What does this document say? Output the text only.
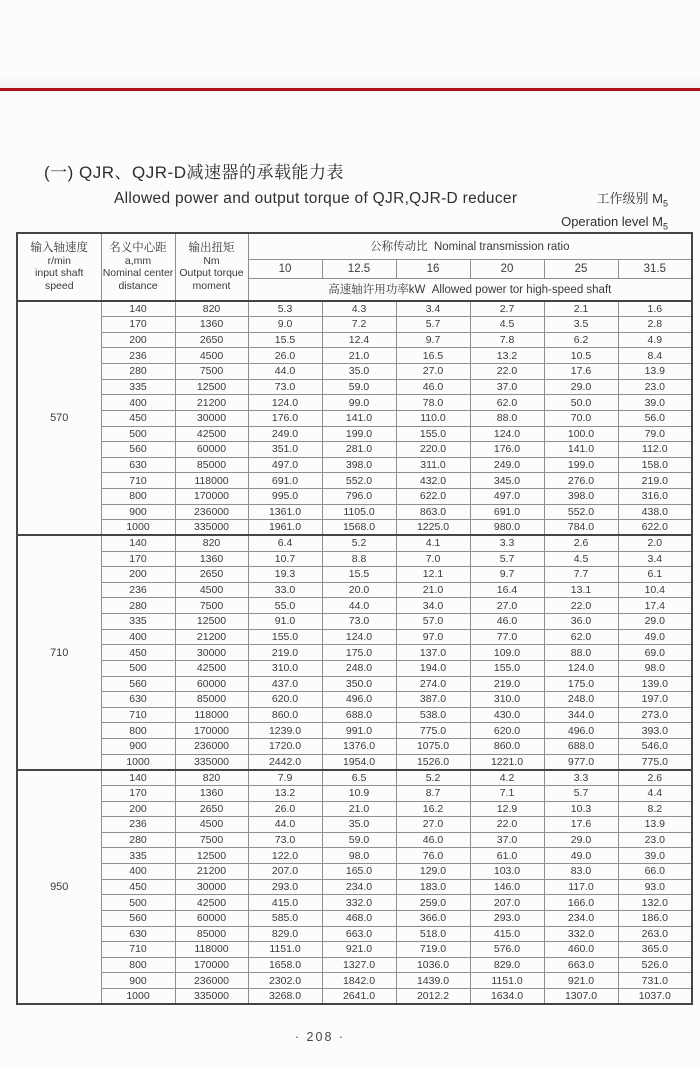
(一) QJR、QJR-D减速器的承载能力表
Allowed power and output torque of QJR,QJR-D reducer	工作级别 $M_5$
Operation level $M_5$
输入轴速度
r/min
input shaft
speed	名义中心距
a,mm
Nominal center
distance	输出扭矩
Nm
Output torque
moment	公称传动比  Nominal transmission ratio					
			10	12.5	16	20	25	31.5
			高速轴许用功率kW  Allowed power tor high-speed shaft					
570	140	820	5.3	4.3	3.4	2.7	2.1	1.6
	170	1360	9.0	7.2	5.7	4.5	3.5	2.8
	200	2650	15.5	12.4	9.7	7.8	6.2	4.9
	236	4500	26.0	21.0	16.5	13.2	10.5	8.4
	280	7500	44.0	35.0	27.0	22.0	17.6	13.9
	335	12500	73.0	59.0	46.0	37.0	29.0	23.0
	400	21200	124.0	99.0	78.0	62.0	50.0	39.0
	450	30000	176.0	141.0	110.0	88.0	70.0	56.0
	500	42500	249.0	199.0	155.0	124.0	100.0	79.0
	560	60000	351.0	281.0	220.0	176.0	141.0	112.0
	630	85000	497.0	398.0	311.0	249.0	199.0	158.0
	710	118000	691.0	552.0	432.0	345.0	276.0	219.0
	800	170000	995.0	796.0	622.0	497.0	398.0	316.0
	900	236000	1361.0	1105.0	863.0	691.0	552.0	438.0
	1000	335000	1961.0	1568.0	1225.0	980.0	784.0	622.0
710	140	820	6.4	5.2	4.1	3.3	2.6	2.0
	170	1360	10.7	8.8	7.0	5.7	4.5	3.4
	200	2650	19.3	15.5	12.1	9.7	7.7	6.1
	236	4500	33.0	20.0	21.0	16.4	13.1	10.4
	280	7500	55.0	44.0	34.0	27.0	22.0	17.4
	335	12500	91.0	73.0	57.0	46.0	36.0	29.0
	400	21200	155.0	124.0	97.0	77.0	62.0	49.0
	450	30000	219.0	175.0	137.0	109.0	88.0	69.0
	500	42500	310.0	248.0	194.0	155.0	124.0	98.0
	560	60000	437.0	350.0	274.0	219.0	175.0	139.0
	630	85000	620.0	496.0	387.0	310.0	248.0	197.0
	710	118000	860.0	688.0	538.0	430.0	344.0	273.0
	800	170000	1239.0	991.0	775.0	620.0	496.0	393.0
	900	236000	1720.0	1376.0	1075.0	860.0	688.0	546.0
	1000	335000	2442.0	1954.0	1526.0	1221.0	977.0	775.0
950	140	820	7.9	6.5	5.2	4.2	3.3	2.6
	170	1360	13.2	10.9	8.7	7.1	5.7	4.4
	200	2650	26.0	21.0	16.2	12.9	10.3	8.2
	236	4500	44.0	35.0	27.0	22.0	17.6	13.9
	280	7500	73.0	59.0	46.0	37.0	29.0	23.0
	335	12500	122.0	98.0	76.0	61.0	49.0	39.0
	400	21200	207.0	165.0	129.0	103.0	83.0	66.0
	450	30000	293.0	234.0	183.0	146.0	117.0	93.0
	500	42500	415.0	332.0	259.0	207.0	166.0	132.0
	560	60000	585.0	468.0	366.0	293.0	234.0	186.0
	630	85000	829.0	663.0	518.0	415.0	332.0	263.0
	710	118000	1151.0	921.0	719.0	576.0	460.0	365.0
	800	170000	1658.0	1327.0	1036.0	829.0	663.0	526.0
	900	236000	2302.0	1842.0	1439.0	1151.0	921.0	731.0
	1000	335000	3268.0	2641.0	2012.2	1634.0	1307.0	1037.0
· 208 ·
